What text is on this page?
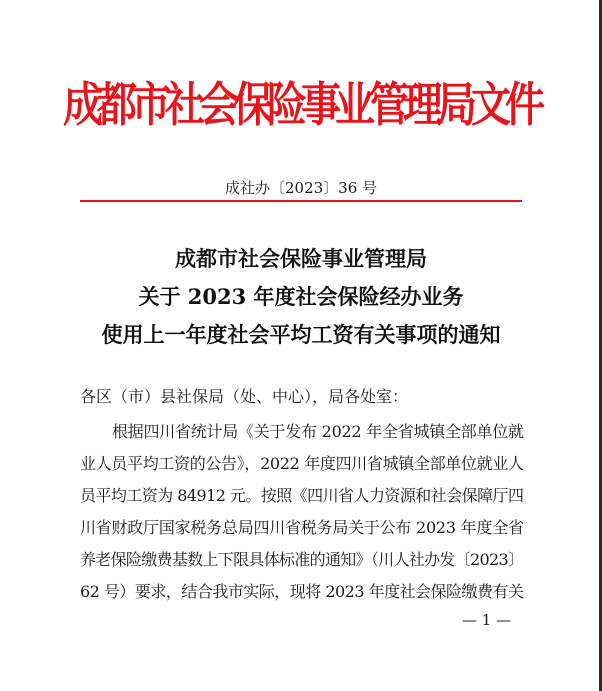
成都市社会保险事业管理局文件
成社办〔2023〕36 号
成都市社会保险事业管理局
关于 2023 年度社会保险经办业务
使用上一年度社会平均工资有关事项的通知
各区（市）县社保局（处、中心），局各处室：
根据四川省统计局《关于发布 2022 年全省城镇全部单位就
业人员平均工资的公告》，2022 年度四川省城镇全部单位就业人
员平均工资为 84912 元。按照《四川省人力资源和社会保障厅四
川省财政厅国家税务总局四川省税务局关于公布 2023 年度全省
养老保险缴费基数上下限具体标准的通知》（川人社办发〔2023〕
62 号）要求，结合我市实际，现将 2023 年度社会保险缴费有关
— 1 —
